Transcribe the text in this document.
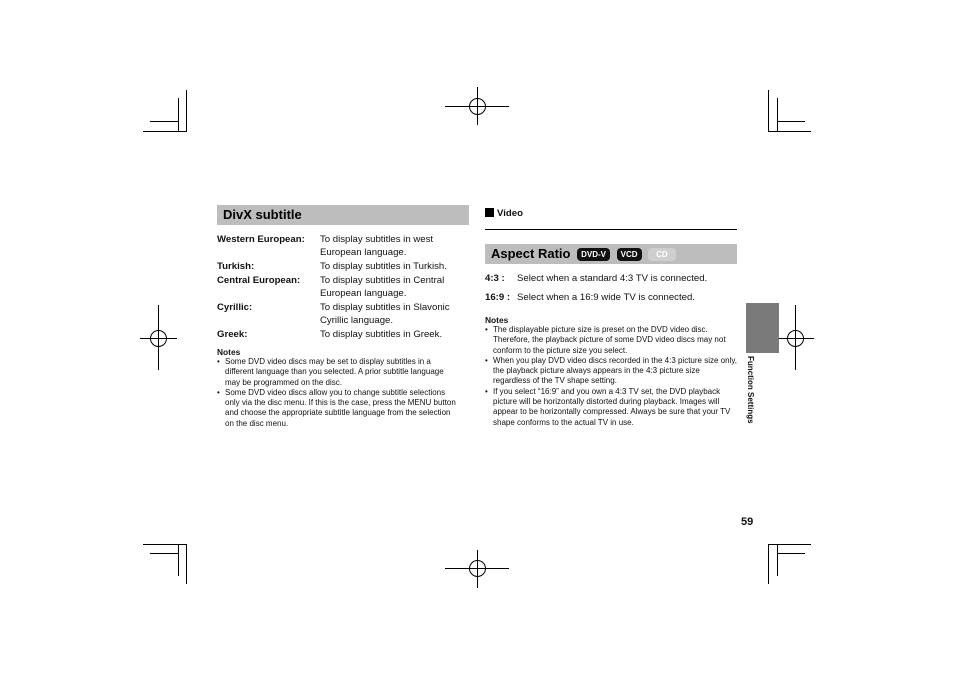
DivX subtitle
Western European:	To display subtitles in west European language.
Turkish:	To display subtitles in Turkish.
Central European:	To display subtitles in Central European language.
Cyrillic:	To display subtitles in Slavonic Cyrillic language.
Greek:	To display subtitles in Greek.
Notes
• Some DVD video discs may be set to display subtitles in a different language than you selected. A prior subtitle language may be programmed on the disc.
• Some DVD video discs allow you to change subtitle selections only via the disc menu. If this is the case, press the MENU button and choose the appropriate subtitle language from the selection on the disc menu.
Video
Aspect Ratio DVD-V VCD CD
4:3 : Select when a standard 4:3 TV is connected.
16:9 : Select when a 16:9 wide TV is connected.
Notes
• The displayable picture size is preset on the DVD video disc. Therefore, the playback picture of some DVD video discs may not conform to the picture size you select.
• When you play DVD video discs recorded in the 4:3 picture size only, the playback picture always appears in the 4:3 picture size regardless of the TV shape setting.
• If you select “16:9” and you own a 4:3 TV set, the DVD playback picture will be horizontally distorted during playback. Images will appear to be horizontally compressed. Always be sure that your TV shape conforms to the actual TV in use.	Function Settings
59
